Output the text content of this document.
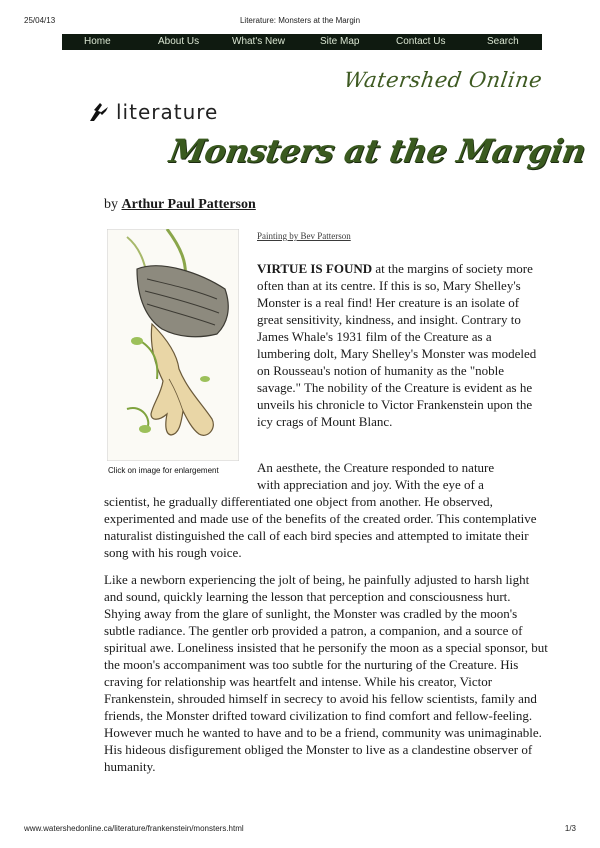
25/04/13	Literature: Monsters at the Margin
Home	About Us	What's New	Site Map	Contact Us	Search
Watershed Online
literature
Monsters at the Margin
by Arthur Paul Patterson
Painting by Bev Patterson
Click on image for enlargement

VIRTUE IS FOUND at the margins of society more often than at its centre. If this is so, Mary Shelley's Monster is a real find! Her creature is an isolate of great sensitivity, kindness, and insight. Contrary to James Whale's 1931 film of the Creature as a lumbering dolt, Mary Shelley's Monster was modeled on Rousseau's notion of humanity as the "noble savage." The nobility of the Creature is evident as he unveils his chronicle to Victor Frankenstein upon the icy crags of Mount Blanc.

An aesthete, the Creature responded to nature
with appreciation and joy. With the eye of a
scientist, he gradually differentiated one object from another. He observed, experimented and made use of the benefits of the created order. This contemplative naturalist distinguished the call of each bird species and attempted to imitate their song with his rough voice.

Like a newborn experiencing the jolt of being, he painfully adjusted to harsh light and sound, quickly learning the lesson that perception and consciousness hurt. Shying away from the glare of sunlight, the Monster was cradled by the moon's subtle radiance. The gentler orb provided a patron, a companion, and a source of spiritual awe. Loneliness insisted that he personify the moon as a special sponsor, but the moon's accompaniment was too subtle for the nurturing of the Creature. His craving for relationship was heartfelt and intense. While his creator, Victor Frankenstein, shrouded himself in secrecy to avoid his fellow scientists, family and friends, the Monster drifted toward civilization to find comfort and fellow-feeling. However much he wanted to have and to be a friend, community was unimaginable. His hideous disfigurement obliged the Monster to live as a clandestine observer of humanity.

www.watershedonline.ca/literature/frankenstein/monsters.html	1/3
